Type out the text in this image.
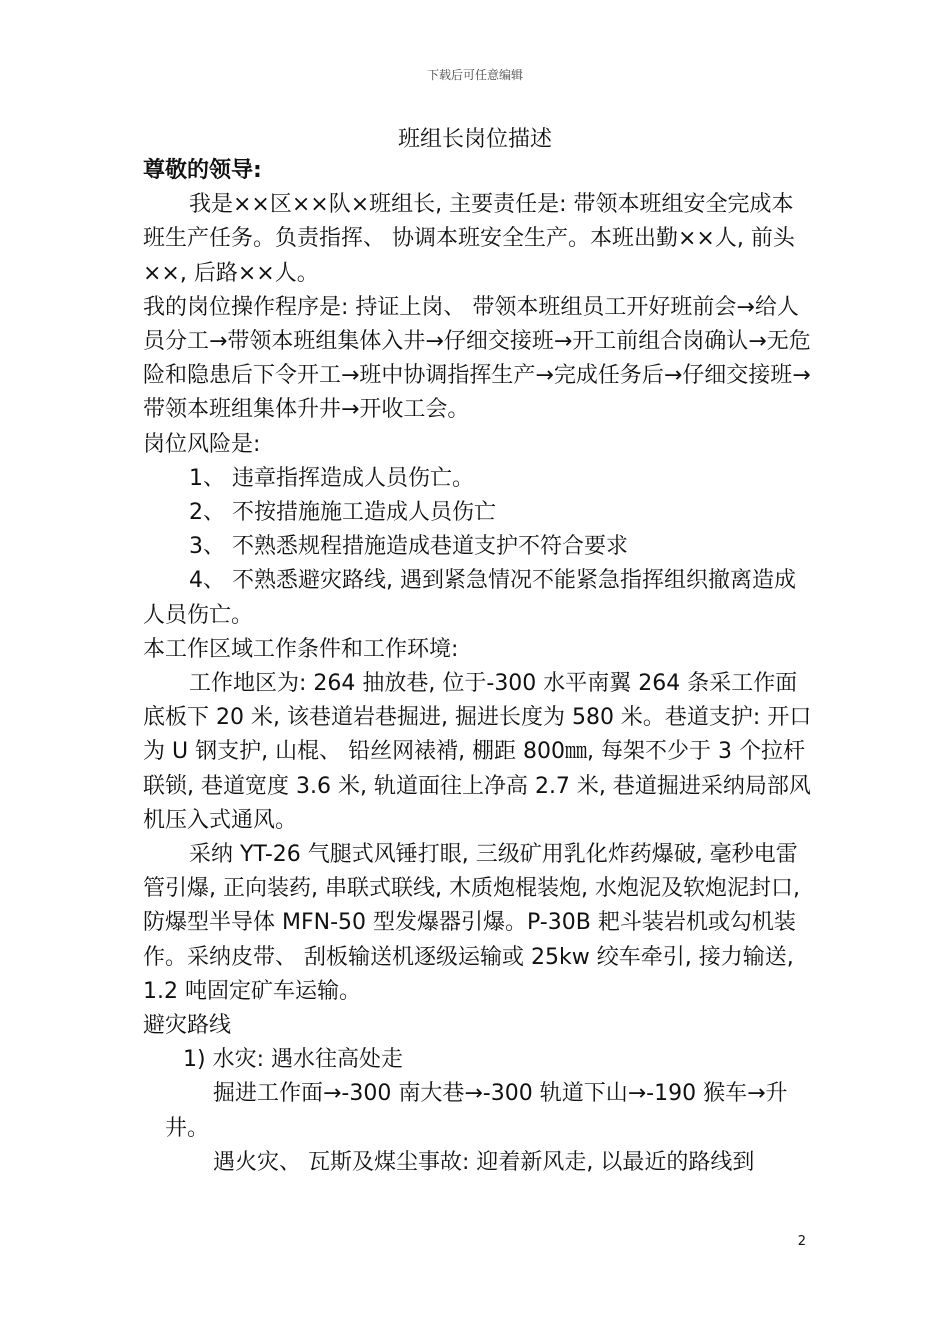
下载后可任意编辑
班组长岗位描述

尊敬的领导:

我是××区××队×班组长, 主要责任是: 带领本班组安全完成本班生产任务。负责指挥、 协调本班安全生产。本班出勤××人, 前头××, 后路××人。

我的岗位操作程序是: 持证上岗、 带领本班组员工开好班前会→给人员分工→带领本班组集体入井→仔细交接班→开工前组合岗确认→无危险和隐患后下令开工→班中协调指挥生产→完成任务后→仔细交接班→带领本班组集体升井→开收工会。

岗位风险是:

1、 违章指挥造成人员伤亡。

2、 不按措施施工造成人员伤亡

3、 不熟悉规程措施造成巷道支护不符合要求

4、 不熟悉避灾路线, 遇到紧急情况不能紧急指挥组织撤离造成人员伤亡。

本工作区域工作条件和工作环境:

工作地区为: 264 抽放巷, 位于-300 水平南翼 264 条采工作面底板下 20 米, 该巷道岩巷掘进, 掘进长度为 580 米。巷道支护: 开口为 U 钢支护, 山棍、 铅丝网裱褙, 棚距 800㎜, 每架不少于 3 个拉杆联锁, 巷道宽度 3.6 米, 轨道面往上净高 2.7 米, 巷道掘进采纳局部风机压入式通风。

采纳 YT-26 气腿式风锤打眼, 三级矿用乳化炸药爆破, 毫秒电雷管引爆, 正向装药, 串联式联线, 木质炮棍装炮, 水炮泥及软炮泥封口, 防爆型半导体 MFN-50 型发爆器引爆。P-30B 耙斗装岩机或勾机装作。采纳皮带、 刮板输送机逐级运输或 25kw 绞车牵引, 接力输送, 1.2 吨固定矿车运输。

避灾路线

1) 水灾: 遇水往高处走

掘进工作面→-300 南大巷→-300 轨道下山→-190 猴车→升井。

遇火灾、 瓦斯及煤尘事故: 迎着新风走, 以最近的路线到

2
